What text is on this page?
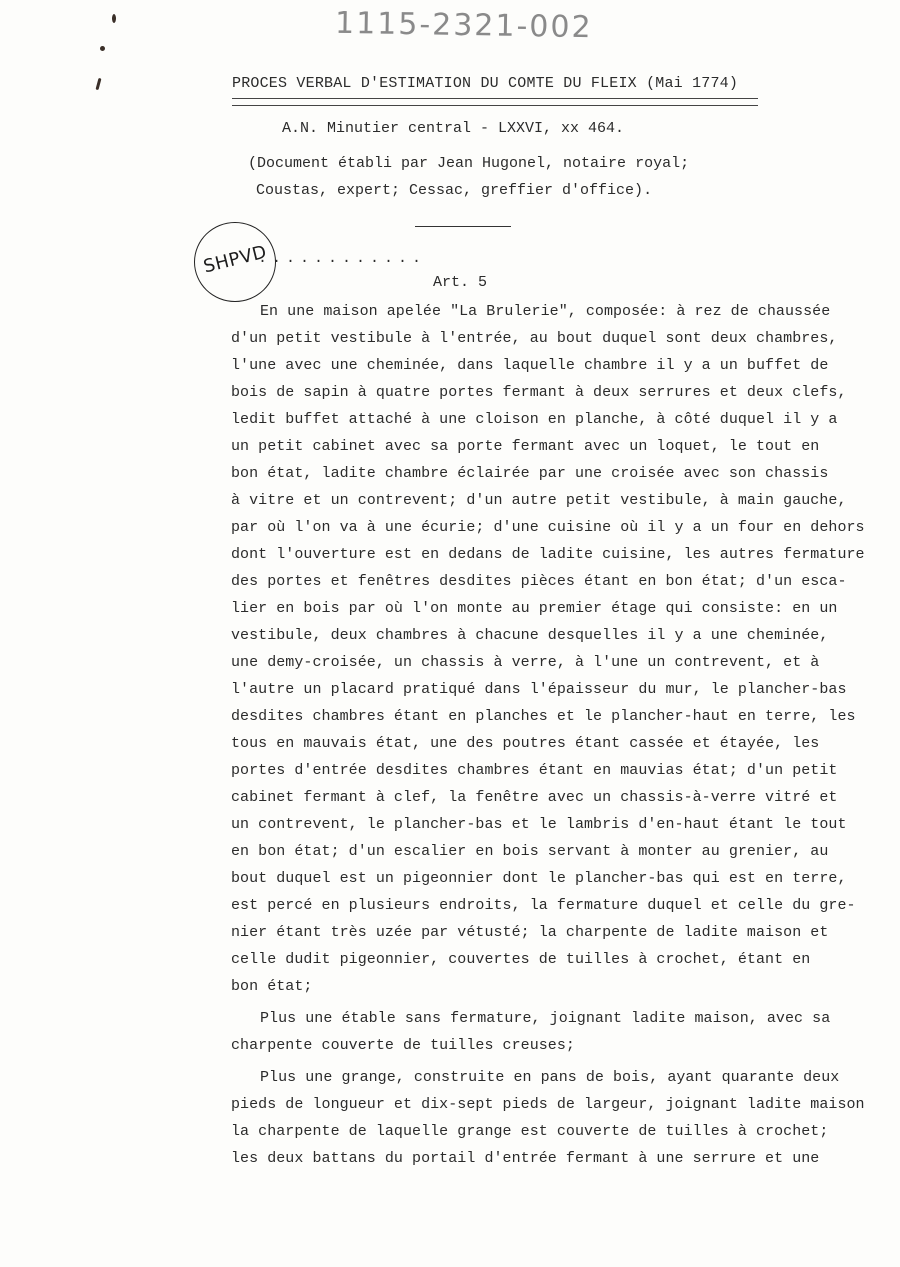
1115-2321-002
PROCES VERBAL D'ESTIMATION DU COMTE DU FLEIX (Mai 1774)
A.N. Minutier central - LXXVI, xx 464.
(Document établi par Jean Hugonel, notaire royal;
Coustas, expert; Cessac, greffier d'office).
SHPVD
............
Art. 5
En une maison apelée "La Brulerie", composée: à rez de chaussée
d'un petit vestibule à l'entrée, au bout duquel sont deux chambres,
l'une avec une cheminée, dans laquelle chambre il y a un buffet de
bois de sapin à quatre portes fermant à deux serrures et deux clefs,
ledit buffet attaché à une cloison en planche, à côté duquel il y a
un petit cabinet avec sa porte fermant avec un loquet, le tout en
bon état, ladite chambre éclairée par une croisée avec son chassis
à vitre et un contrevent; d'un autre petit vestibule, à main gauche,
par où l'on va à une écurie; d'une cuisine où il y a un four en dehors
dont l'ouverture est en dedans de ladite cuisine, les autres fermature
des portes et fenêtres desdites pièces étant en bon état; d'un esca-
lier en bois par où l'on monte au premier étage qui consiste: en un
vestibule, deux chambres à chacune desquelles il y a une cheminée,
une demy-croisée, un chassis à verre, à l'une un contrevent, et à
l'autre un placard pratiqué dans l'épaisseur du mur, le plancher-bas
desdites chambres étant en planches et le plancher-haut en terre, les
tous en mauvais état, une des poutres étant cassée et étayée, les
portes d'entrée desdites chambres étant en mauvias état; d'un petit
cabinet fermant à clef, la fenêtre avec un chassis-à-verre vitré et
un contrevent, le plancher-bas et le lambris d'en-haut étant le tout
en bon état; d'un escalier en bois servant à monter au grenier, au
bout duquel est un pigeonnier dont le plancher-bas qui est en terre,
est percé en plusieurs endroits, la fermature duquel et celle du gre-
nier étant très uzée par vétusté; la charpente de ladite maison et
celle dudit pigeonnier, couvertes de tuilles à crochet, étant en
bon état;
Plus une étable sans fermature, joignant ladite maison, avec sa
charpente couverte de tuilles creuses;
Plus une grange, construite en pans de bois, ayant quarante deux
pieds de longueur et dix-sept pieds de largeur, joignant ladite maison
la charpente de laquelle grange est couverte de tuilles à crochet;
les deux battans du portail d'entrée fermant à une serrure et une
